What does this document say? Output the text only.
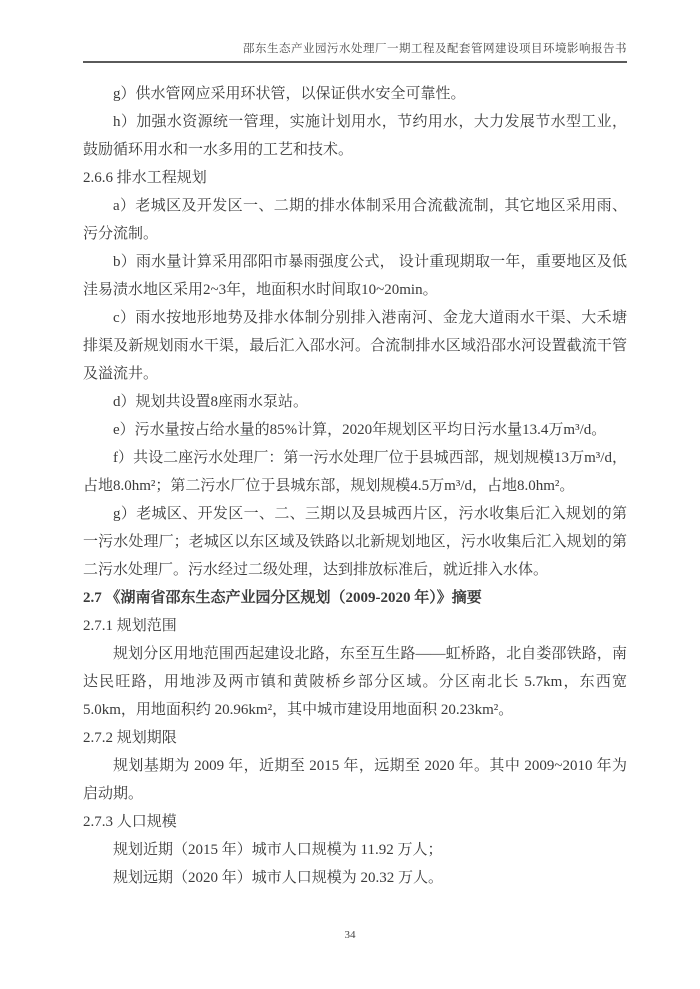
邵东生态产业园污水处理厂一期工程及配套管网建设项目环境影响报告书

g）供水管网应采用环状管，以保证供水安全可靠性。

h）加强水资源统一管理，实施计划用水，节约用水，大力发展节水型工业，鼓励循环用水和一水多用的工艺和技术。

2.6.6 排水工程规划

a）老城区及开发区一、二期的排水体制采用合流截流制，其它地区采用雨、污分流制。

b）雨水量计算采用邵阳市暴雨强度公式， 设计重现期取一年，重要地区及低洼易渍水地区采用2~3年，地面积水时间取10~20min。

c）雨水按地形地势及排水体制分别排入港南河、金龙大道雨水干渠、大禾塘排渠及新规划雨水干渠，最后汇入邵水河。合流制排水区域沿邵水河设置截流干管及溢流井。

d）规划共设置8座雨水泵站。

e）污水量按占给水量的85%计算，2020年规划区平均日污水量13.4万m³/d。

f）共设二座污水处理厂：第一污水处理厂位于县城西部，规划规模13万m³/d，占地8.0hm²；第二污水厂位于县城东部，规划规模4.5万m³/d，占地8.0hm²。

g）老城区、开发区一、二、三期以及县城西片区，污水收集后汇入规划的第一污水处理厂；老城区以东区域及铁路以北新规划地区，污水收集后汇入规划的第二污水处理厂。污水经过二级处理，达到排放标准后，就近排入水体。

2.7 《湖南省邵东生态产业园分区规划（2009-2020 年）》摘要

2.7.1 规划范围

规划分区用地范围西起建设北路，东至互生路——虹桥路，北自娄邵铁路，南达民旺路，用地涉及两市镇和黄陂桥乡部分区域。分区南北长 5.7km，东西宽 5.0km，用地面积约 20.96km²，其中城市建设用地面积 20.23km²。

2.7.2 规划期限

规划基期为 2009 年，近期至 2015 年，远期至 2020 年。其中 2009~2010 年为启动期。

2.7.3 人口规模

规划近期（2015 年）城市人口规模为 11.92 万人；

规划远期（2020 年）城市人口规模为 20.32 万人。

34
